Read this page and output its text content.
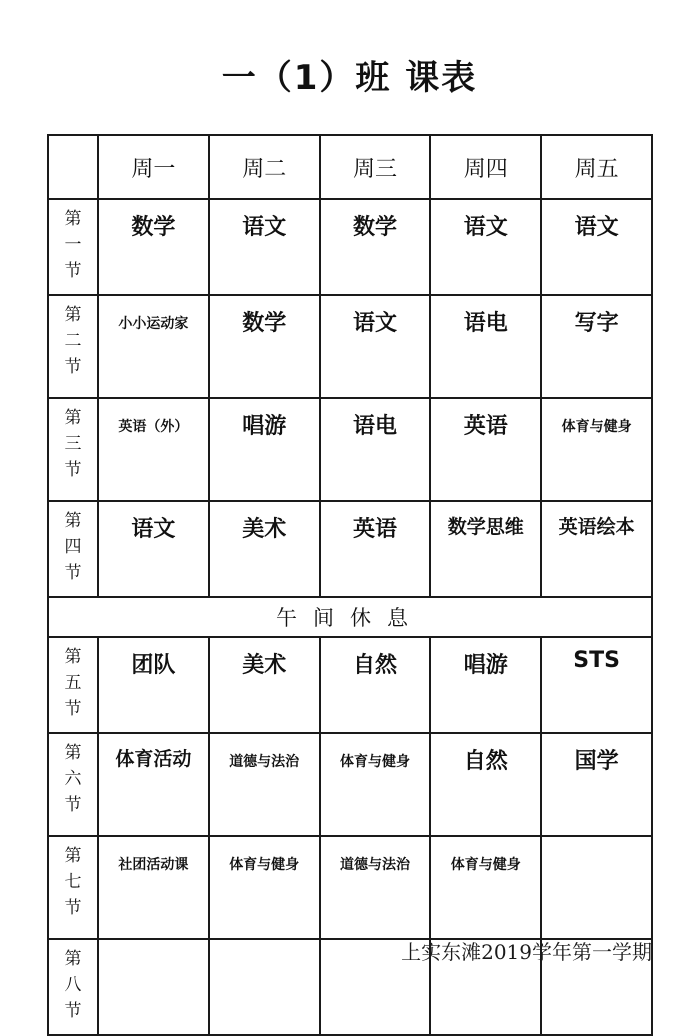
一（1）班 课表
	周一	周二	周三	周四	周五

第
一
节	数学	语文	数学	语文	语文

第
二
节	小小运动家	数学	语文	语电	写字

第
三
节	英语（外）	唱游	语电	英语	体育与健身

第
四
节	语文	美术	英语	数学思维	英语绘本
午间休息					

第
五
节	团队	美术	自然	唱游	STS

第
六
节	体育活动	道德与法治	体育与健身	自然	国学

第
七
节	社团活动课	体育与健身	道德与法治	体育与健身	

第
八
节					

上实东滩2019学年第一学期
